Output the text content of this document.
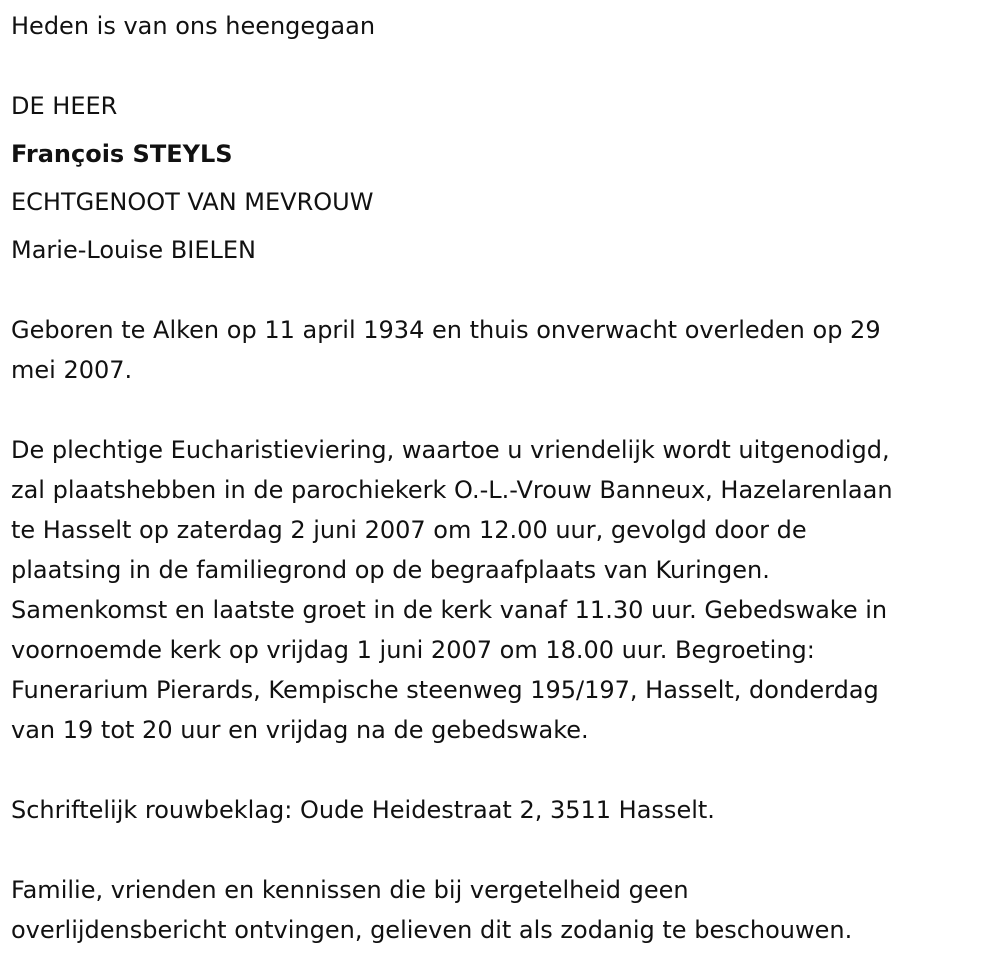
Heden is van ons heengegaan
DE HEER
François STEYLS
ECHTGENOOT VAN MEVROUW
Marie-Louise BIELEN
Geboren te Alken op 11 april 1934 en thuis onverwacht overleden op 29
mei 2007.
De plechtige Eucharistieviering, waartoe u vriendelijk wordt uitgenodigd,
zal plaatshebben in de parochiekerk O.-L.-Vrouw Banneux, Hazelarenlaan
te Hasselt op zaterdag 2 juni 2007 om 12.00 uur, gevolgd door de
plaatsing in de familiegrond op de begraafplaats van Kuringen.
Samenkomst en laatste groet in de kerk vanaf 11.30 uur. Gebedswake in
voornoemde kerk op vrijdag 1 juni 2007 om 18.00 uur. Begroeting:
Funerarium Pierards, Kempische steenweg 195/197, Hasselt, donderdag
van 19 tot 20 uur en vrijdag na de gebedswake.
Schriftelijk rouwbeklag: Oude Heidestraat 2, 3511 Hasselt.
Familie, vrienden en kennissen die bij vergetelheid geen
overlijdensbericht ontvingen, gelieven dit als zodanig te beschouwen.
